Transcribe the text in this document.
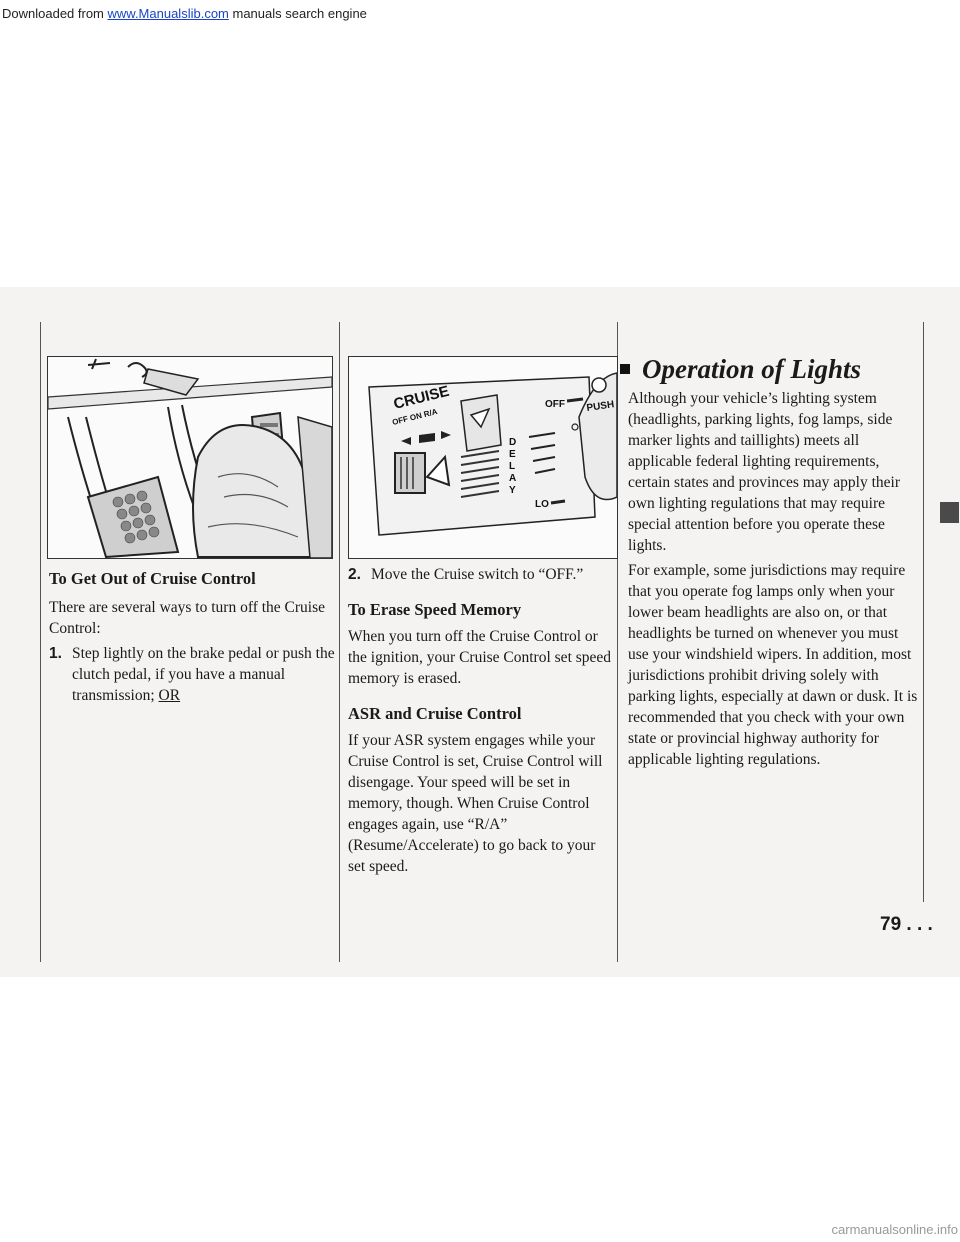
Downloaded from www.Manualslib.com manuals search engine
CRUISE
OFF ON R/A
OFF
D
E
L
A
Y
LO
PUSH
To Get Out of Cruise Control

There are several ways to turn off the Cruise Control:

1. Step lightly on the brake pedal or push the clutch pedal, if you have a manual transmission; OR
2. Move the Cruise switch to “OFF.”
To Erase Speed Memory

When you turn off the Cruise Control or the ignition, your Cruise Control set speed memory is erased.

ASR and Cruise Control

If your ASR system engages while your Cruise Control is set, Cruise Control will disengage. Your speed will be set in memory, though. When Cruise Control engages again, use “R/A” (Resume/Accelerate) to go back to your set speed.

Operation of Lights

Although your vehicle’s lighting system (headlights, parking lights, fog lamps, side marker lights and taillights) meets all applicable federal lighting requirements, certain states and provinces may apply their own lighting regulations that may require special attention before you operate these lights.

For example, some jurisdictions may require that you operate fog lamps only when your lower beam headlights are also on, or that headlights be turned on whenever you must use your windshield wipers. In addition, most jurisdictions prohibit driving solely with parking lights, especially at dawn or dusk. It is recommended that you check with your own state or provincial highway authority for applicable lighting regulations.

79 . . .
carmanualsonline.info
